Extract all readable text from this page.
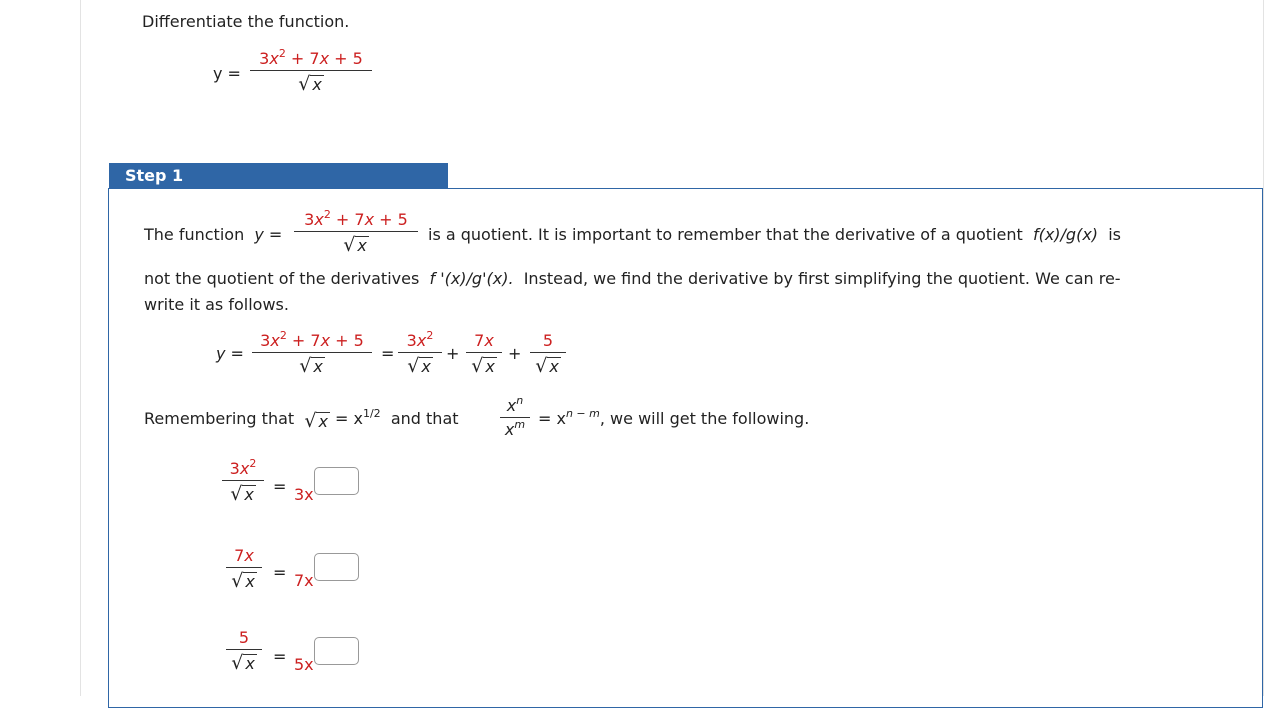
Differentiate the function.
y =
$3x^2 + 7x + 5$
√ x
Step 1
The function y =
$3x^2 + 7x + 5$
√ x
is a quotient. It is important to remember that the derivative of a quotient f(x)/g(x) is
not the quotient of the derivatives f '(x)/g'(x). Instead, we find the derivative by first simplifying the quotient. We can re-
write it as follows.
y =
$3x^2 + 7x + 5$
√ x
=
$3x^2$
√ x
+
7x
√ x
+
5
√ x
Remembering that √ $x = x^{1/2}$ and that
$x^n$
$x^m = x^{n - m}$, we will get the following.
$3x^2$
√ x = 3x
7x
√ x = 7x
5
√ x = 5x
